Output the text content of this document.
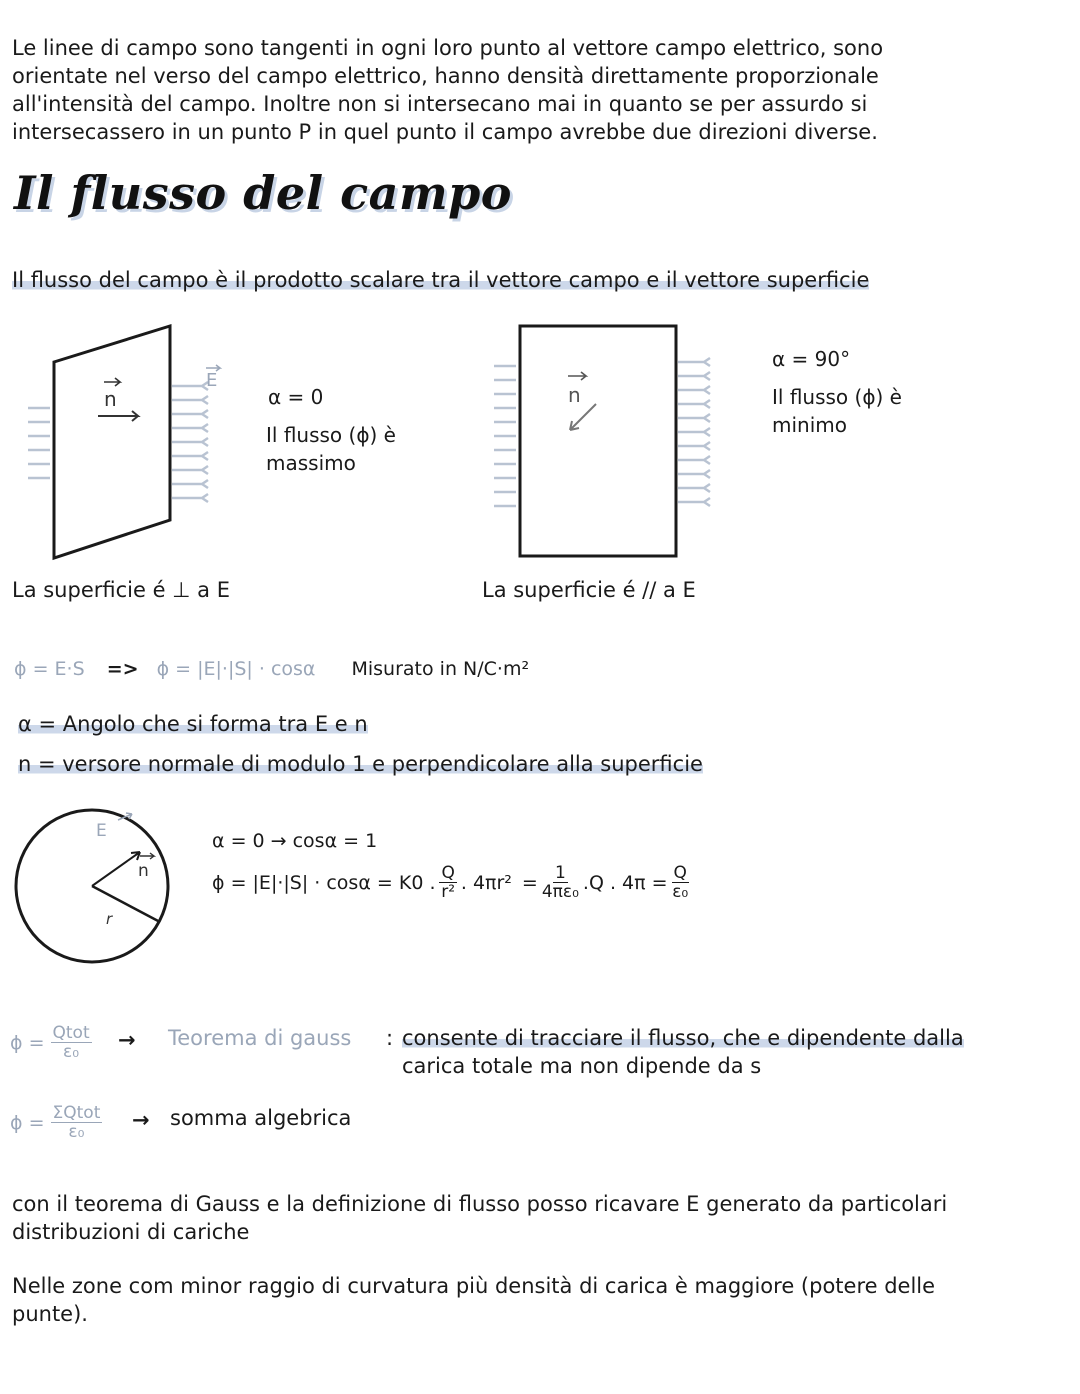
Le linee di campo sono tangenti in ogni loro punto al vettore campo elettrico, sono
orientate nel verso del campo elettrico, hanno densità direttamente proporzionale
all'intensità del campo. Inoltre non si intersecano mai in quanto se per assurdo si
intersecassero in un punto P in quel punto il campo avrebbe due direzioni diverse.
Il flusso del campo
Il flusso del campo è il prodotto scalare tra il vettore campo e il vettore superficie
n
E
α = 0
Il flusso (ϕ) è
massimo
La superficie é ⊥ a E
n
α = 90°
Il flusso (ϕ) è
minimo
La superficie é // a E
ϕ = E·S => ϕ = |E|·|S| · cosα Misurato in N/C·m²
α = Angolo che si forma tra E e n
n = versore normale di modulo 1 e perpendicolare alla superficie
E
n
r
α = 0 → cosα = 1
ϕ = |E|·|S| · cosα = K0 . $\frac{Q}{\text{r²}}$ . $4\pi r^2 = \frac{1}{\text{4πε₀}} .Q$ . $4\pi = \frac{Q}{\text{ε₀}}$
$\phi = \frac{\text{Qtot}}{\text{ε₀}}$ → Teorema di gauss : consente di tracciare il flusso, che e dipendente dalla
carica totale ma non dipende da s
$\phi = \frac{\text{ΣQtot}}{\text{ε₀}}$ → somma algebrica
con il teorema di Gauss e la definizione di flusso posso ricavare E generato da particolari
distribuzioni di cariche
Nelle zone com minor raggio di curvatura più densità di carica è maggiore (potere delle
punte).
